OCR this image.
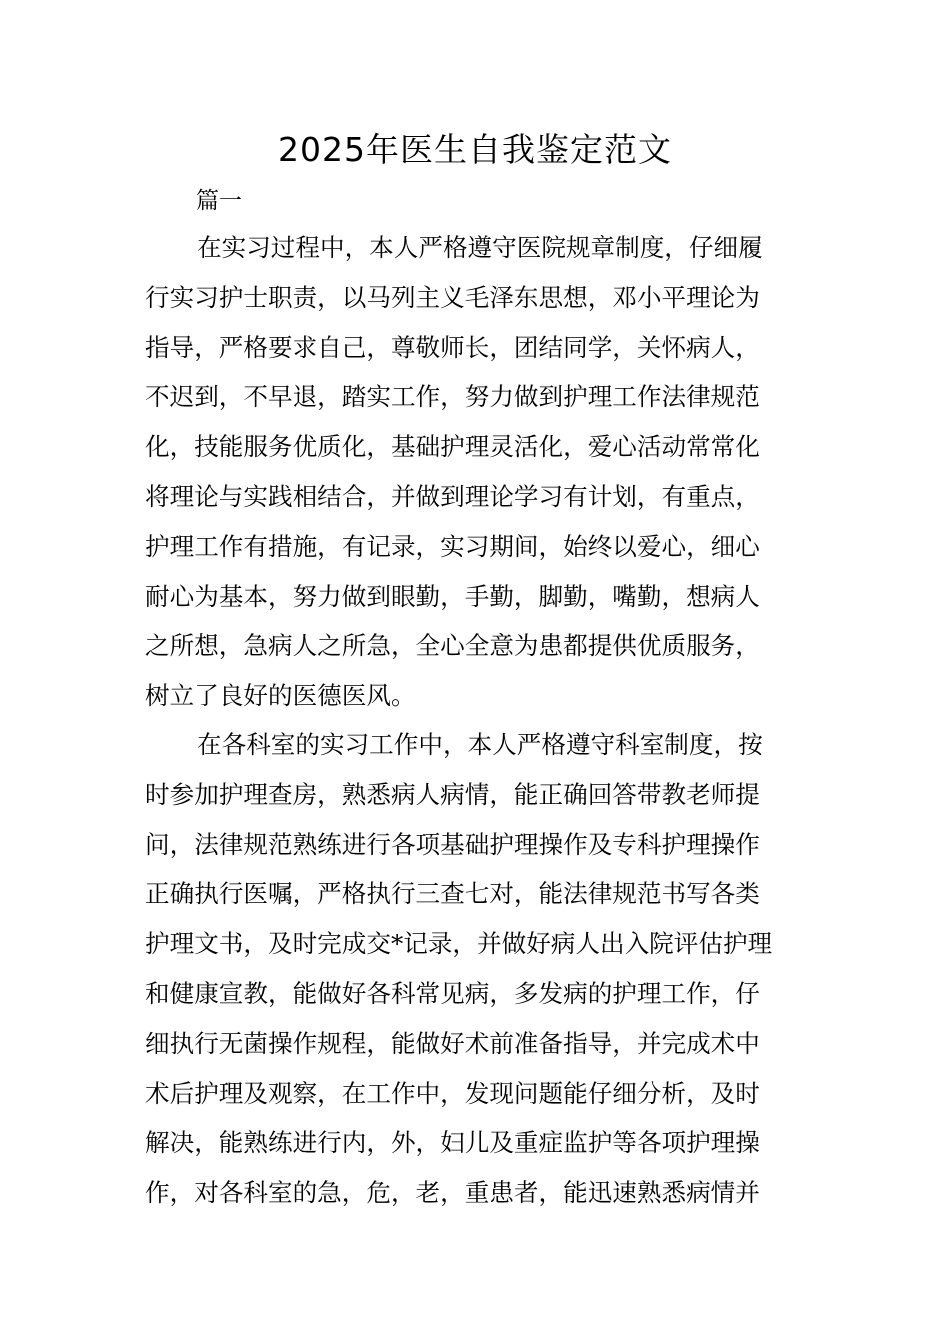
2025年医生自我鉴定范文
篇一
在实习过程中，本人严格遵守医院规章制度，仔细履
行实习护士职责，以马列主义毛泽东思想，邓小平理论为
指导，严格要求自己，尊敬师长，团结同学，关怀病人，
不迟到，不早退，踏实工作，努力做到护理工作法律规范
化，技能服务优质化，基础护理灵活化，爱心活动常常化
将理论与实践相结合，并做到理论学习有计划，有重点，
护理工作有措施，有记录，实习期间，始终以爱心，细心
耐心为基本，努力做到眼勤，手勤，脚勤，嘴勤，想病人
之所想，急病人之所急，全心全意为患都提供优质服务，
树立了良好的医德医风。
在各科室的实习工作中，本人严格遵守科室制度，按
时参加护理查房，熟悉病人病情，能正确回答带教老师提
问，法律规范熟练进行各项基础护理操作及专科护理操作
正确执行医嘱，严格执行三查七对，能法律规范书写各类
护理文书，及时完成交*记录，并做好病人出入院评估护理
和健康宣教，能做好各科常见病，多发病的护理工作，仔
细执行无菌操作规程，能做好术前准备指导，并完成术中
术后护理及观察，在工作中，发现问题能仔细分析，及时
解决，能熟练进行内，外，妇儿及重症监护等各项护理操
作，对各科室的急，危，老，重患者，能迅速熟悉病情并
